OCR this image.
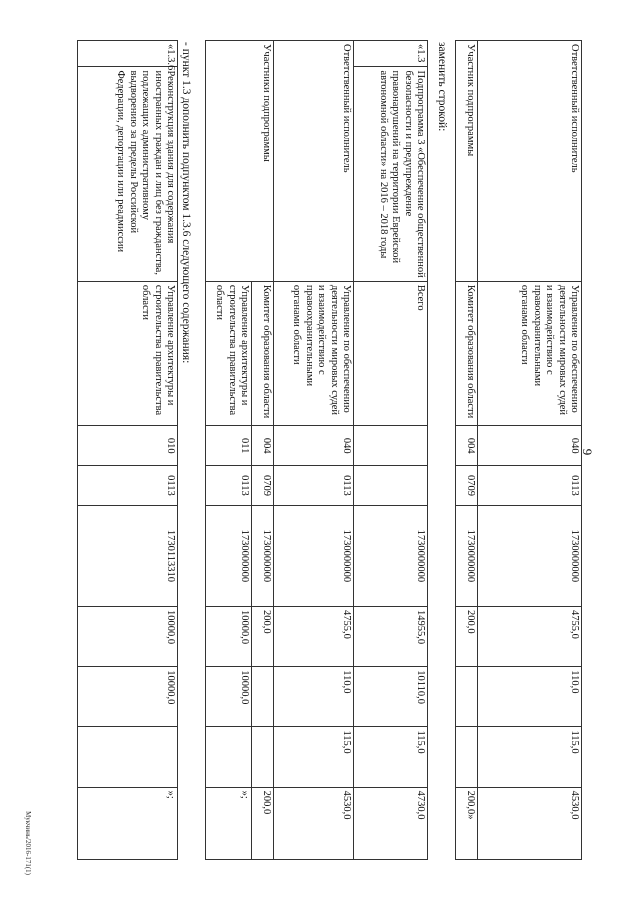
9
Ответственный исполнитель	Управление по обеспечению деятельности мировых судей и взаимодействию с правоохранительными органами области	040	0113	1730000000	4755,0	110,0	115,0	4530,0
Участник подпрограммы	Комитет образования области	004	0709	1730000000	200,0			200,0»
заменить строкой:
«1.3	Подпрограмма 3 «Обеспечение общественной безопасности и предупреждение правонарушений на территории Еврейской автономной области» на 2016 – 2018 годы	Всего			1730000000	14955,0	10110,0	115,0	4730,0
Ответственный исполнитель		Управление по обеспечению деятельности мировых судей и взаимодействию с правоохранительными органами области	040	0113	1730000000	4755,0	110,0	115,0	4530,0
Участники подпрограммы		Комитет образования области	004	0709	1730000000	200,0			200,0
		Управление архитектуры и строительства правительства области	011	0113	1730000000	10000,0	10000,0		»;
- пункт 1.3 дополнить подпунктом 1.3.6 следующего содержания:
«1.3.6	Реконструкция здания для содержания иностранных граждан и лиц без гражданства, подлежащих административному выдворению за пределы Российской Федерации, депортации или реадмиссии	Управление архитектуры и строительства правительства области	010	0113	1730113310	10000,0	10000,0		»;
Мукчинь/2016-171(1)
